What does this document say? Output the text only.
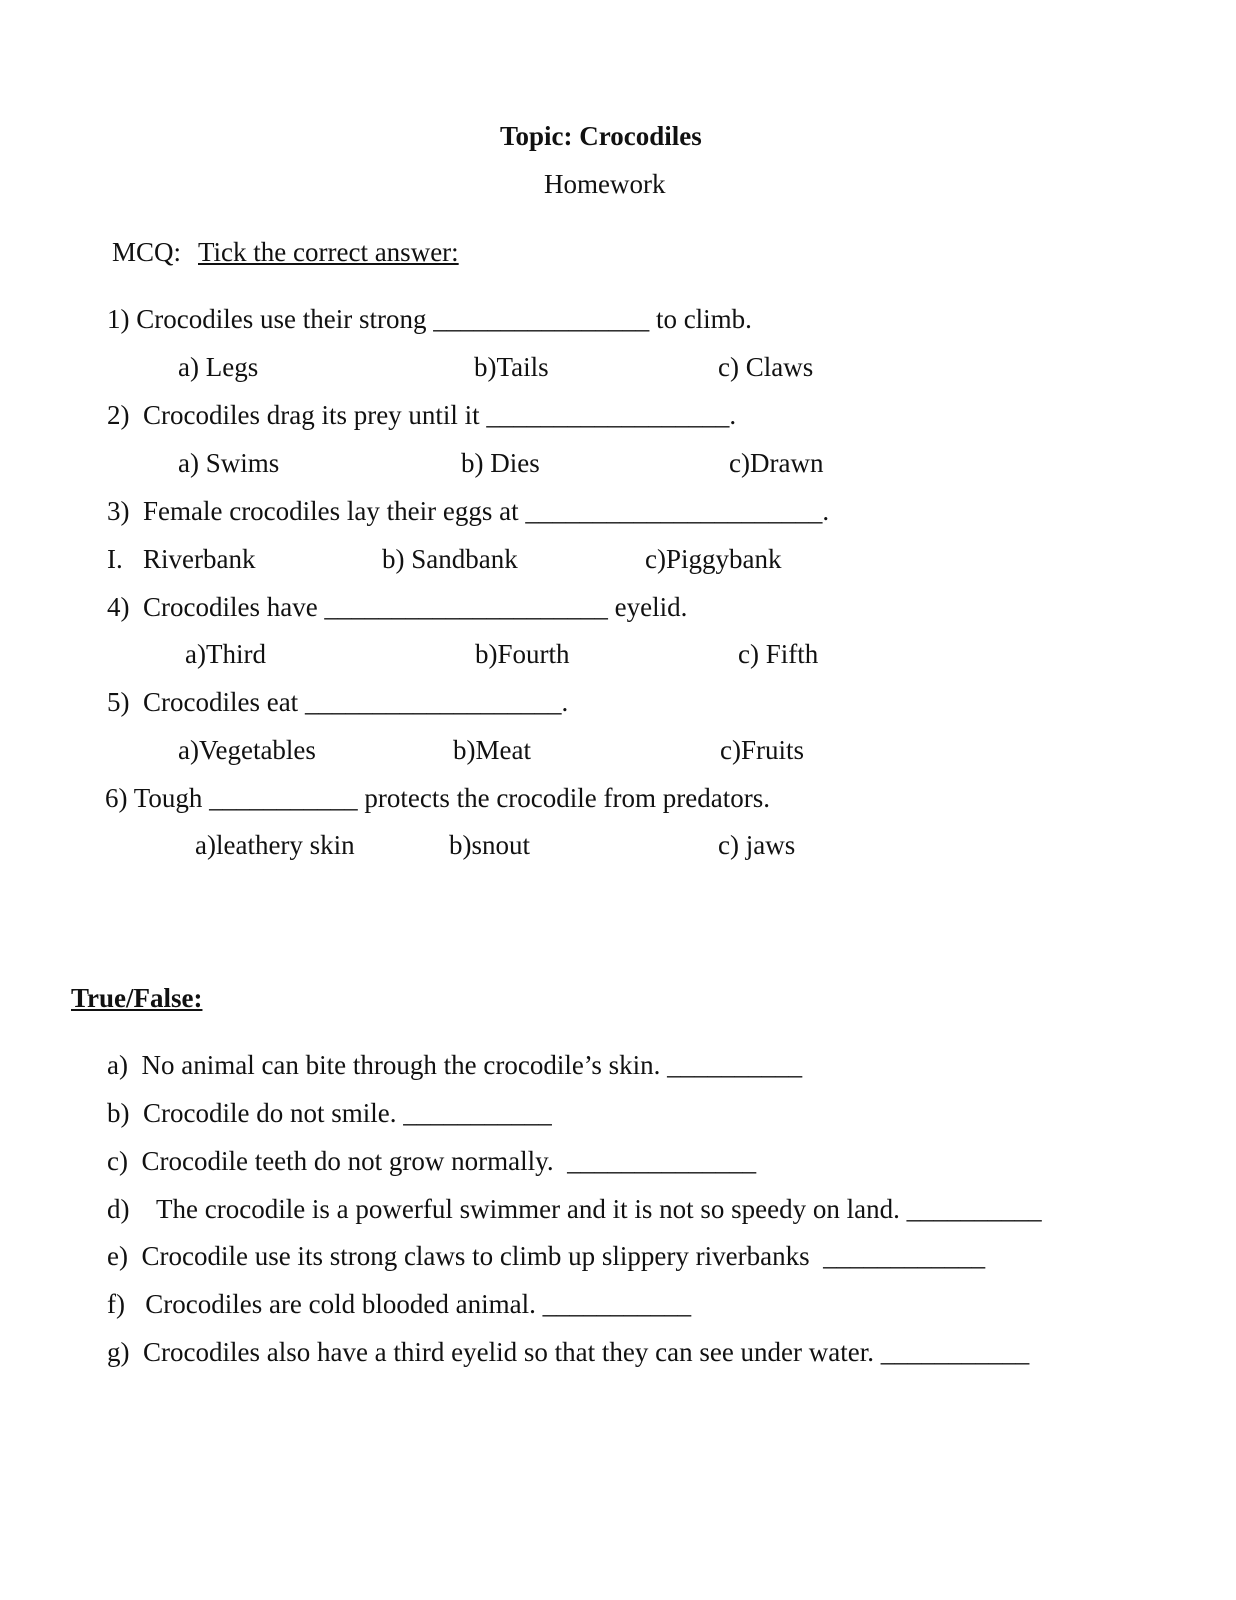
Topic: Crocodiles
Homework
MCQ: Tick the correct answer:
1) Crocodiles use their strong ________________ to climb.
a) Legs	b)Tails	c) Claws
2)  Crocodiles drag its prey until it __________________.
a) Swims	b) Dies	c)Drawn
3)  Female crocodiles lay their eggs at ______________________.
I.   Riverbank	b) Sandbank	c)Piggybank
4)  Crocodiles have _____________________ eyelid.
a)Third	b)Fourth	c) Fifth
5)  Crocodiles eat ___________________.
a)Vegetables	b)Meat	c)Fruits
6) Tough ___________ protects the crocodile from predators.
a)leathery skin	b)snout	c) jaws
True/False:
a)  No animal can bite through the crocodile’s skin. __________
b)  Crocodile do not smile. ___________
c)  Crocodile teeth do not grow normally.  ______________
d)    The crocodile is a powerful swimmer and it is not so speedy on land. __________
e)  Crocodile use its strong claws to climb up slippery riverbanks  ____________
f)   Crocodiles are cold blooded animal. ___________
g)  Crocodiles also have a third eyelid so that they can see under water. ___________
